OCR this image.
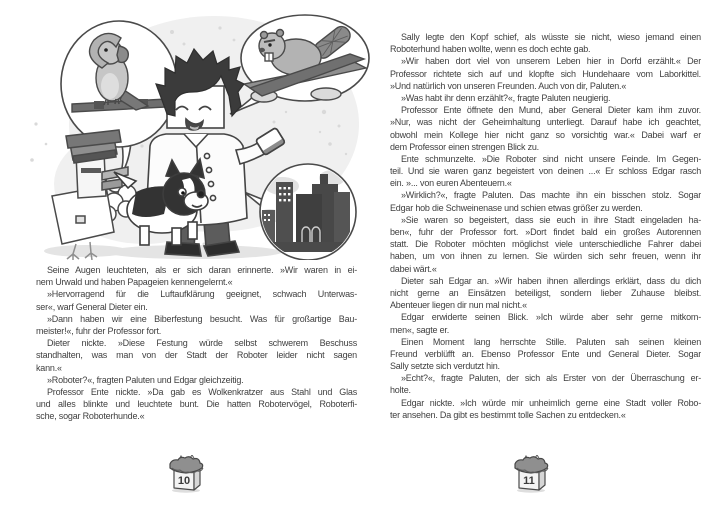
Seine Augen leuchteten, als er sich daran erinnerte. »Wir waren in ei-
nem Urwald und haben Papageien kennengelernt.«
»Hervorragend für die Luftaufklärung geeignet, schwach Unterwas-
ser«, warf General Dieter ein.
»Dann haben wir eine Biberfestung besucht. Was für großartige Bau-
meister!«, fuhr der Professor fort.
Dieter nickte. »Diese Festung würde selbst schwerem Beschuss
standhalten, was man von der Stadt der Roboter leider nicht sagen
kann.«
»Roboter?«, fragten Paluten und Edgar gleichzeitig.
Professor Ente nickte. »Da gab es Wolkenkratzer aus Stahl und Glas
und alles blinkte und leuchtete bunt. Die hatten Robotervögel, Roboterfi-
sche, sogar Roboterhunde.«
Sally legte den Kopf schief, als wüsste sie nicht, wieso jemand einen
Roboterhund haben wollte, wenn es doch echte gab.
»Wir haben dort viel von unserem Leben hier in Dorfd erzählt.« Der
Professor richtete sich auf und klopfte sich Hundehaare vom Laborkittel.
»Und natürlich von unseren Freunden. Auch von dir, Paluten.«
»Was habt ihr denn erzählt?«, fragte Paluten neugierig.
Professor Ente öffnete den Mund, aber General Dieter kam ihm zuvor.
»Nur, was nicht der Geheimhaltung unterliegt. Darauf habe ich geachtet,
obwohl mein Kollege hier nicht ganz so vorsichtig war.« Dabei warf er
dem Professor einen strengen Blick zu.
Ente schmunzelte. »Die Roboter sind nicht unsere Feinde. Im Gegen-
teil. Und sie waren ganz begeistert von deinen ...« Er schloss Edgar rasch
ein. »... von euren Abenteuern.«
»Wirklich?«, fragte Paluten. Das machte ihn ein bisschen stolz. Sogar
Edgar hob die Schweinenase und schien etwas größer zu werden.
»Sie waren so begeistert, dass sie euch in ihre Stadt eingeladen ha-
ben«, fuhr der Professor fort. »Dort findet bald ein großes Autorennen
statt. Die Roboter möchten möglichst viele unterschiedliche Fahrer dabei
haben, um von ihnen zu lernen. Sie würden sich sehr freuen, wenn ihr
dabei wärt.«
Dieter sah Edgar an. »Wir haben ihnen allerdings erklärt, dass du dich
nicht gerne an Einsätzen beteiligst, sondern lieber Zuhause bleibst.
Abenteuer liegen dir nun mal nicht.«
Edgar erwiderte seinen Blick. »Ich würde aber sehr gerne mitkom-
men«, sagte er.
Einen Moment lang herrschte Stille. Paluten sah seinen kleinen
Freund verblüfft an. Ebenso Professor Ente und General Dieter. Sogar
Sally setzte sich verdutzt hin.
»Echt?«, fragte Paluten, der sich als Erster von der Überraschung er-
holte.
Edgar nickte. »Ich würde mir unheimlich gerne eine Stadt voller Robo-
ter ansehen. Da gibt es bestimmt tolle Sachen zu entdecken.«
10	11
